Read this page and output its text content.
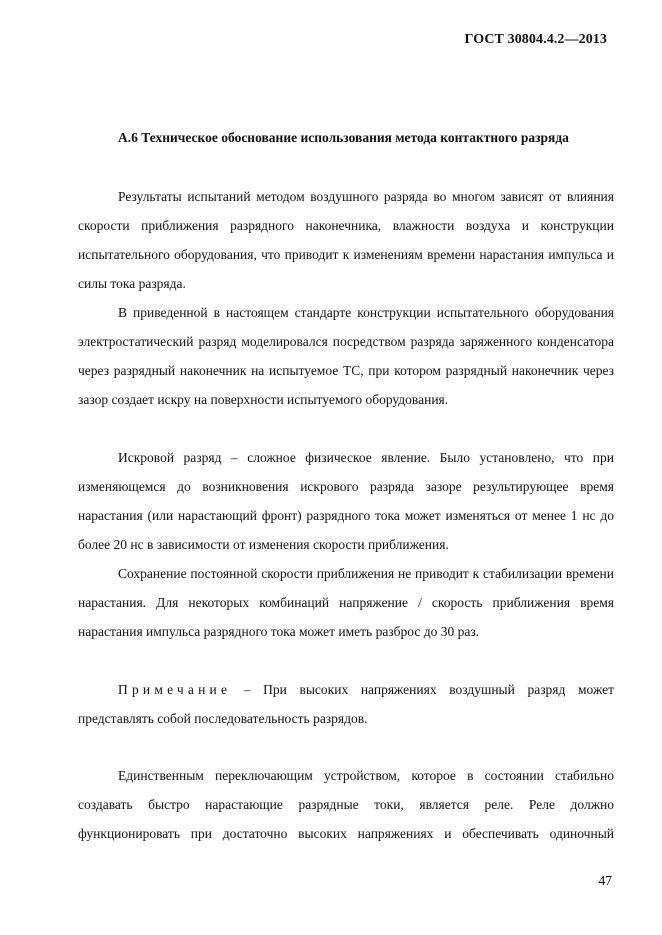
ГОСТ 30804.4.2—2013
А.6 Техническое обоснование использования метода контактного разряда

Результаты испытаний методом воздушного разряда во многом зависят от влияния скорости приближения разрядного наконечника, влажности воздуха и конструкции испытательного оборудования, что приводит к изменениям времени нарастания импульса и силы тока разряда.

В приведенной в настоящем стандарте конструкции испытательного оборудования электростатический разряд моделировался посредством разряда заряженного конденсатора через разрядный наконечник на испытуемое ТС, при котором разрядный наконечник через зазор создает искру на поверхности испытуемого оборудования.

Искровой разряд – сложное физическое явление. Было установлено, что при изменяющемся до возникновения искрового разряда зазоре результирующее время нарастания (или нарастающий фронт) разрядного тока может изменяться от менее 1 нс до более 20 нс в зависимости от изменения скорости приближения.

Сохранение постоянной скорости приближения не приводит к стабилизации времени нарастания. Для некоторых комбинаций напряжение / скорость приближения время нарастания импульса разрядного тока может иметь разброс до 30 раз.

Примечание – При высоких напряжениях воздушный разряд может представлять собой последовательность разрядов.

Единственным переключающим устройством, которое в состоянии стабильно создавать быстро нарастающие разрядные токи, является реле. Реле должно функционировать при достаточно высоких напряжениях и обеспечивать одиночный

47
